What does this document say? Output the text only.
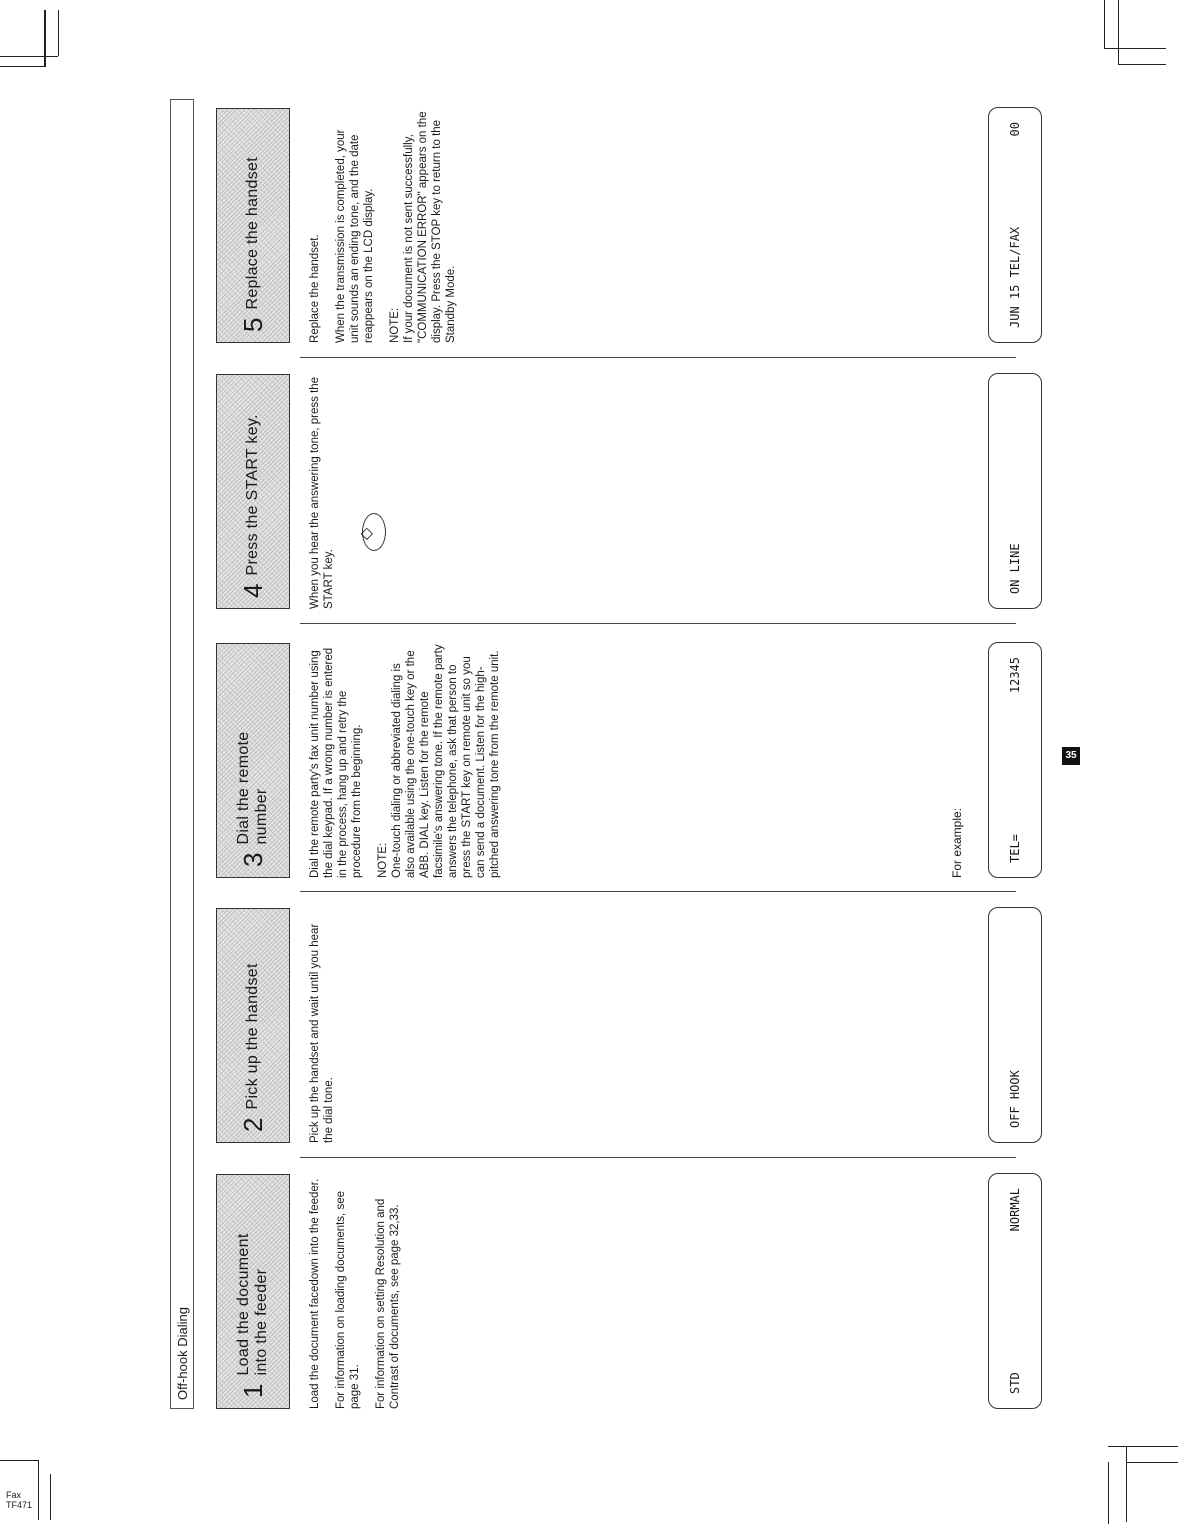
Fax
TF471
Off-hook Dialing 1
Load the document
into the feeder	Load the document facedown into the feeder. For information on loading documents, see page 31. For information on setting Resolution and Contrast of documents, see page 32,33.

2
Pick up the handset	Pick up the handset and wait until you hear the dial tone.

3
Dial the remote
number	Dial the remote party's fax unit number using the dial keypad. If a wrong number is entered in the process, hang up and retry the procedure from the beginning. NOTE: One-touch dialing or abbreviated dialing is also available using the one-touch key or the ABB. DIAL key. Listen for the remote facsimile's answering tone. If the remote party answers the telephone, ask that person to press the START key on remote unit so you can send a document. Listen for the high-pitched answering tone from the remote unit.

4
Press the START key.	When you hear the answering tone, press the START key.

◇
5
Replace the handset	Replace the handset. When the transmission is completed, your unit sounds an ending tone, and the date reappears on the LCD display. NOTE: If your document is not sent successfully, "COMMUNICATION ERROR" appears on the display. Press the STOP key to return to the Standby Mode.

For example:
STD
NORMAL
OFF HOOK
TEL=
12345
ON LINE
JUN 15 TEL/FAX
00
35
